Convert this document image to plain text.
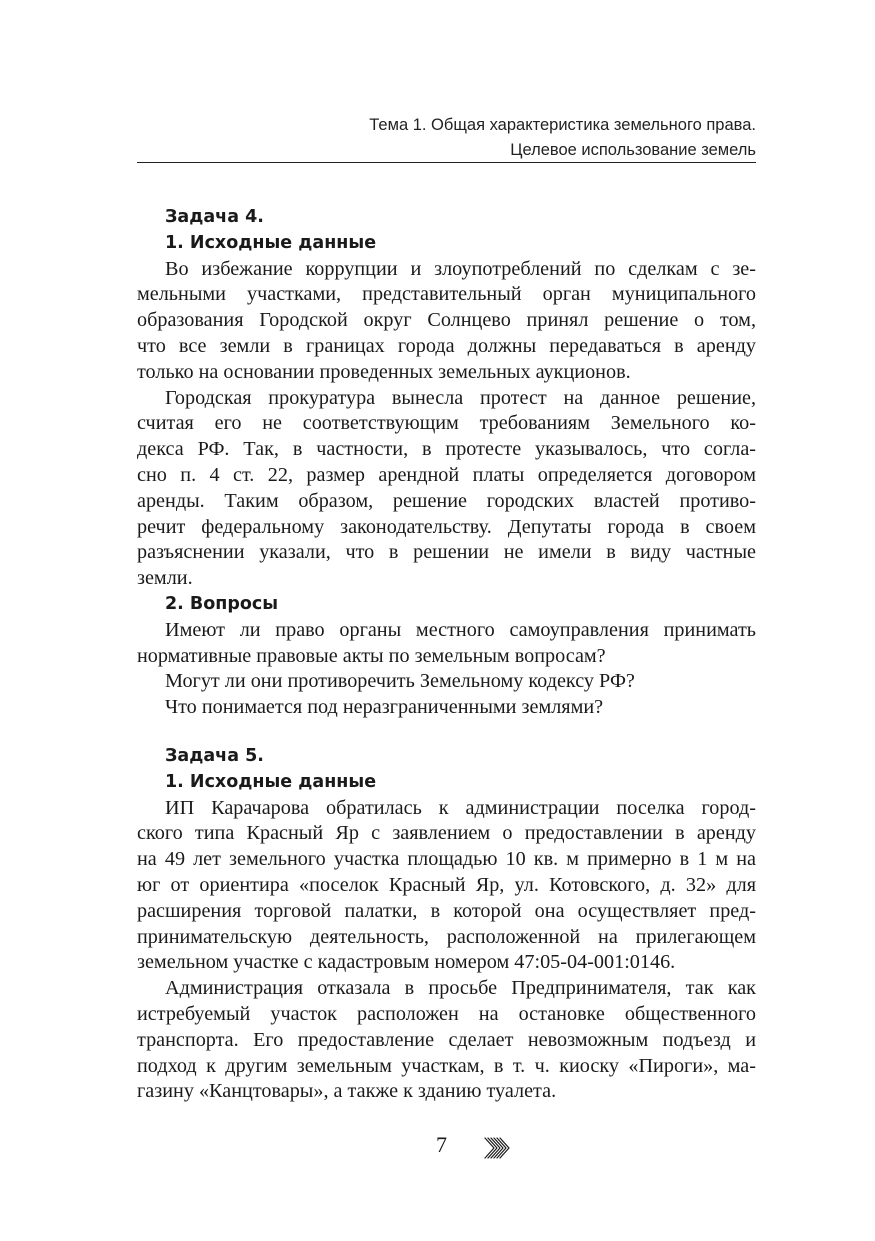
Тема 1. Общая характеристика земельного права.
Целевое использование земель
Задача 4.
1. Исходные данные
Во избежание коррупции и злоупотреблений по сделкам с зе-
мельными участками, представительный орган муниципального
образования Городской округ Солнцево принял решение о том,
что все земли в границах города должны передаваться в аренду
только на основании проведенных земельных аукционов.
Городская прокуратура вынесла протест на данное решение,
считая его не соответствующим требованиям Земельного ко-
декса РФ. Так, в частности, в протесте указывалось, что согла-
сно п. 4 ст. 22, размер арендной платы определяется договором
аренды. Таким образом, решение городских властей противо-
речит федеральному законодательству. Депутаты города в своем
разъяснении указали, что в решении не имели в виду частные
земли.
2. Вопросы
Имеют ли право органы местного самоуправления принимать
нормативные правовые акты по земельным вопросам?
Могут ли они противоречить Земельному кодексу РФ?
Что понимается под неразграниченными землями?
Задача 5.
1. Исходные данные
ИП Карачарова обратилась к администрации поселка город-
ского типа Красный Яр с заявлением о предоставлении в аренду
на 49 лет земельного участка площадью 10 кв. м примерно в 1 м на
юг от ориентира «поселок Красный Яр, ул. Котовского, д. 32» для
расширения торговой палатки, в которой она осуществляет пред-
принимательскую деятельность, расположенной на прилегающем
земельном участке с кадастровым номером 47:05-04-001:0146.
Администрация отказала в просьбе Предпринимателя, так как
истребуемый участок расположен на остановке общественного
транспорта. Его предоставление сделает невозможным подъезд и
подход к другим земельным участкам, в т. ч. киоску «Пироги», ма-
газину «Канцтовары», а также к зданию туалета.
7
